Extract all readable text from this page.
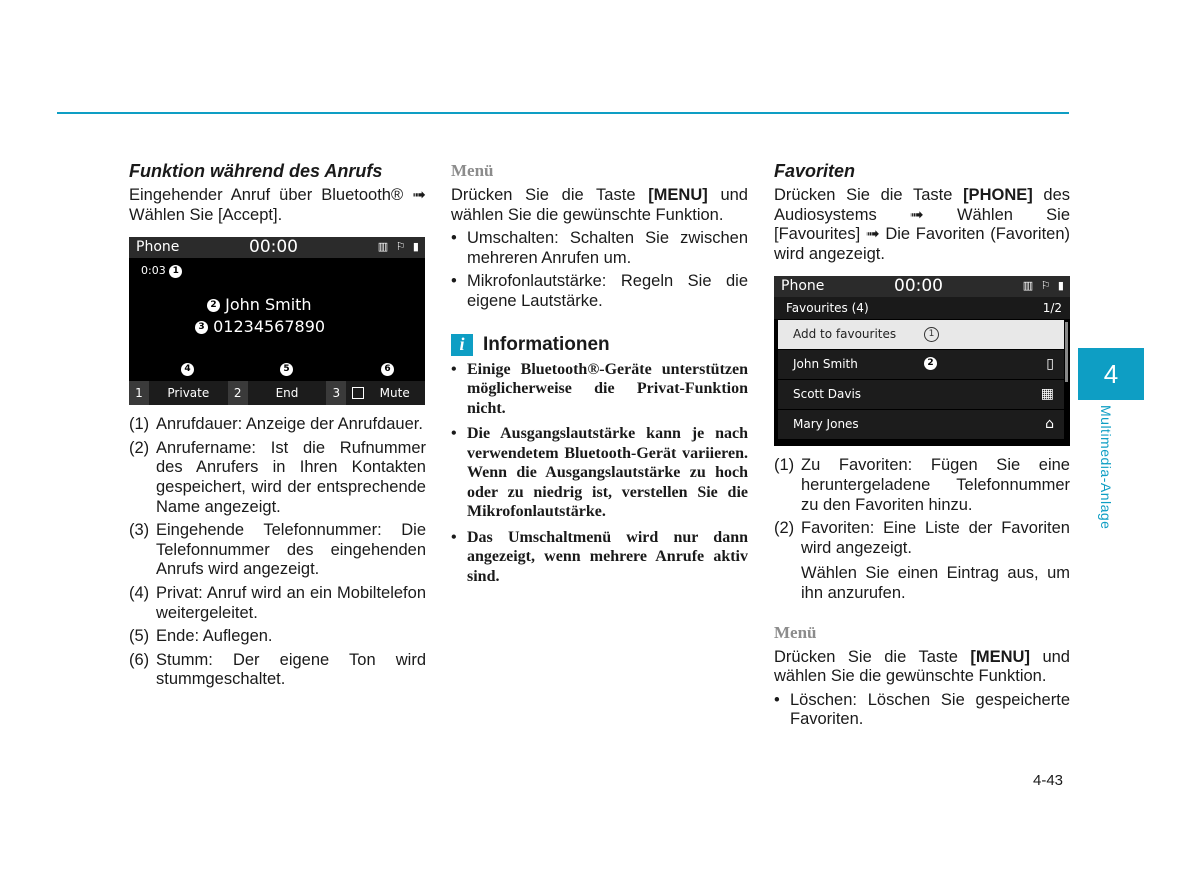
Funktion während des Anrufs

Eingehender Anruf über Bluetooth® ➟ Wählen Sie [Accept].

Phone	00:00	▥ ⚐ ▮
0:03 1
2 John Smith
3 01234567890
4	5	6
1	Private	2	End	3	Mute
(1) Anrufdauer: Anzeige der Anrufdauer.
(2) Anrufername: Ist die Rufnummer des Anrufers in Ihren Kontakten gespeichert, wird der entsprechende Name angezeigt.
(3) Eingehende Telefonnummer: Die Telefonnummer des eingehenden Anrufs wird angezeigt.
(4) Privat: Anruf wird an ein Mobiltelefon weitergeleitet.
(5) Ende: Auflegen.
(6) Stumm: Der eigene Ton wird stummgeschaltet.
Menü

Drücken Sie die Taste [MENU] und wählen Sie die gewünschte Funktion.

• Umschalten: Schalten Sie zwischen mehreren Anrufen um.
• Mikrofonlautstärke: Regeln Sie die eigene Lautstärke.
i Informationen
• Einige Bluetooth®-Geräte unterstützen möglicherweise die Privat-Funktion nicht.
• Die Ausgangslautstärke kann je nach verwendetem Bluetooth-Gerät variieren. Wenn die Ausgangslautstärke zu hoch oder zu niedrig ist, verstellen Sie die Mikrofonlautstärke.
• Das Umschaltmenü wird nur dann angezeigt, wenn mehrere Anrufe aktiv sind.
Favoriten

Drücken Sie die Taste [PHONE] des Audiosystems ➟ Wählen Sie [Favourites] ➟ Die Favoriten (Favoriten) wird angezeigt.

Phone	00:00	▥ ⚐ ▮
Favourites (4)	1/2
Add to favourites	1
John Smith	2	▯
Scott Davis	▦
Mary Jones	⌂
(1) Zu Favoriten: Fügen Sie eine heruntergeladene Telefonnummer zu den Favoriten hinzu.
(2) Favoriten: Eine Liste der Favoriten wird angezeigt.
Wählen Sie einen Eintrag aus, um ihn anzurufen.
Menü

Drücken Sie die Taste [MENU] und wählen Sie die gewünschte Funktion.

• Löschen: Löschen Sie gespeicherte Favoriten.
4
Multimedia-Anlage
4-43
